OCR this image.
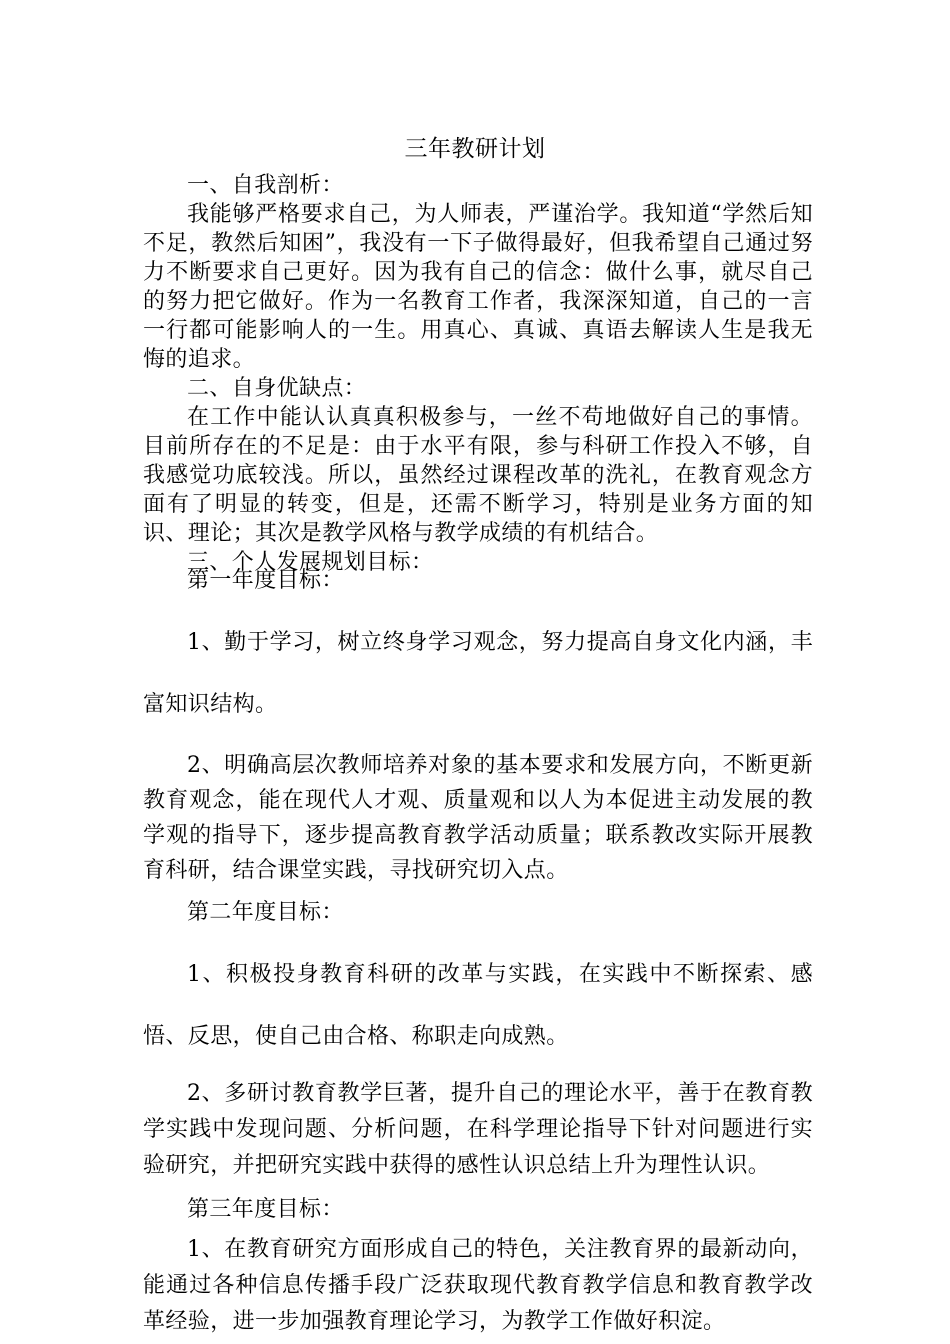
三年教研计划

一、自我剖析：

我能够严格要求自己，为人师表，严谨治学。我知道“学然后知不足，教然后知困”，我没有一下子做得最好，但我希望自己通过努力不断要求自己更好。因为我有自己的信念：做什么事，就尽自己的努力把它做好。作为一名教育工作者，我深深知道，自己的一言一行都可能影响人的一生。用真心、真诚、真语去解读人生是我无悔的追求。

二、自身优缺点：

在工作中能认认真真积极参与，一丝不苟地做好自己的事情。目前所存在的不足是：由于水平有限，参与科研工作投入不够，自我感觉功底较浅。所以，虽然经过课程改革的洗礼，在教育观念方面有了明显的转变，但是，还需不断学习，特别是业务方面的知识、理论；其次是教学风格与教学成绩的有机结合。

三、个人发展规划目标：

第一年度目标：

1、勤于学习，树立终身学习观念，努力提高自身文化内涵，丰富知识结构。

2、明确高层次教师培养对象的基本要求和发展方向，不断更新教育观念，能在现代人才观、质量观和以人为本促进主动发展的教学观的指导下，逐步提高教育教学活动质量；联系教改实际开展教育科研，结合课堂实践，寻找研究切入点。

第二年度目标：

1、积极投身教育科研的改革与实践，在实践中不断探索、感悟、反思，使自己由合格、称职走向成熟。

2、多研讨教育教学巨著，提升自己的理论水平，善于在教育教学实践中发现问题、分析问题，在科学理论指导下针对问题进行实验研究，并把研究实践中获得的感性认识总结上升为理性认识。

第三年度目标：

1、在教育研究方面形成自己的特色，关注教育界的最新动向，能通过各种信息传播手段广泛获取现代教育教学信息和教育教学改革经验，进一步加强教育理论学习，为教学工作做好积淀。
